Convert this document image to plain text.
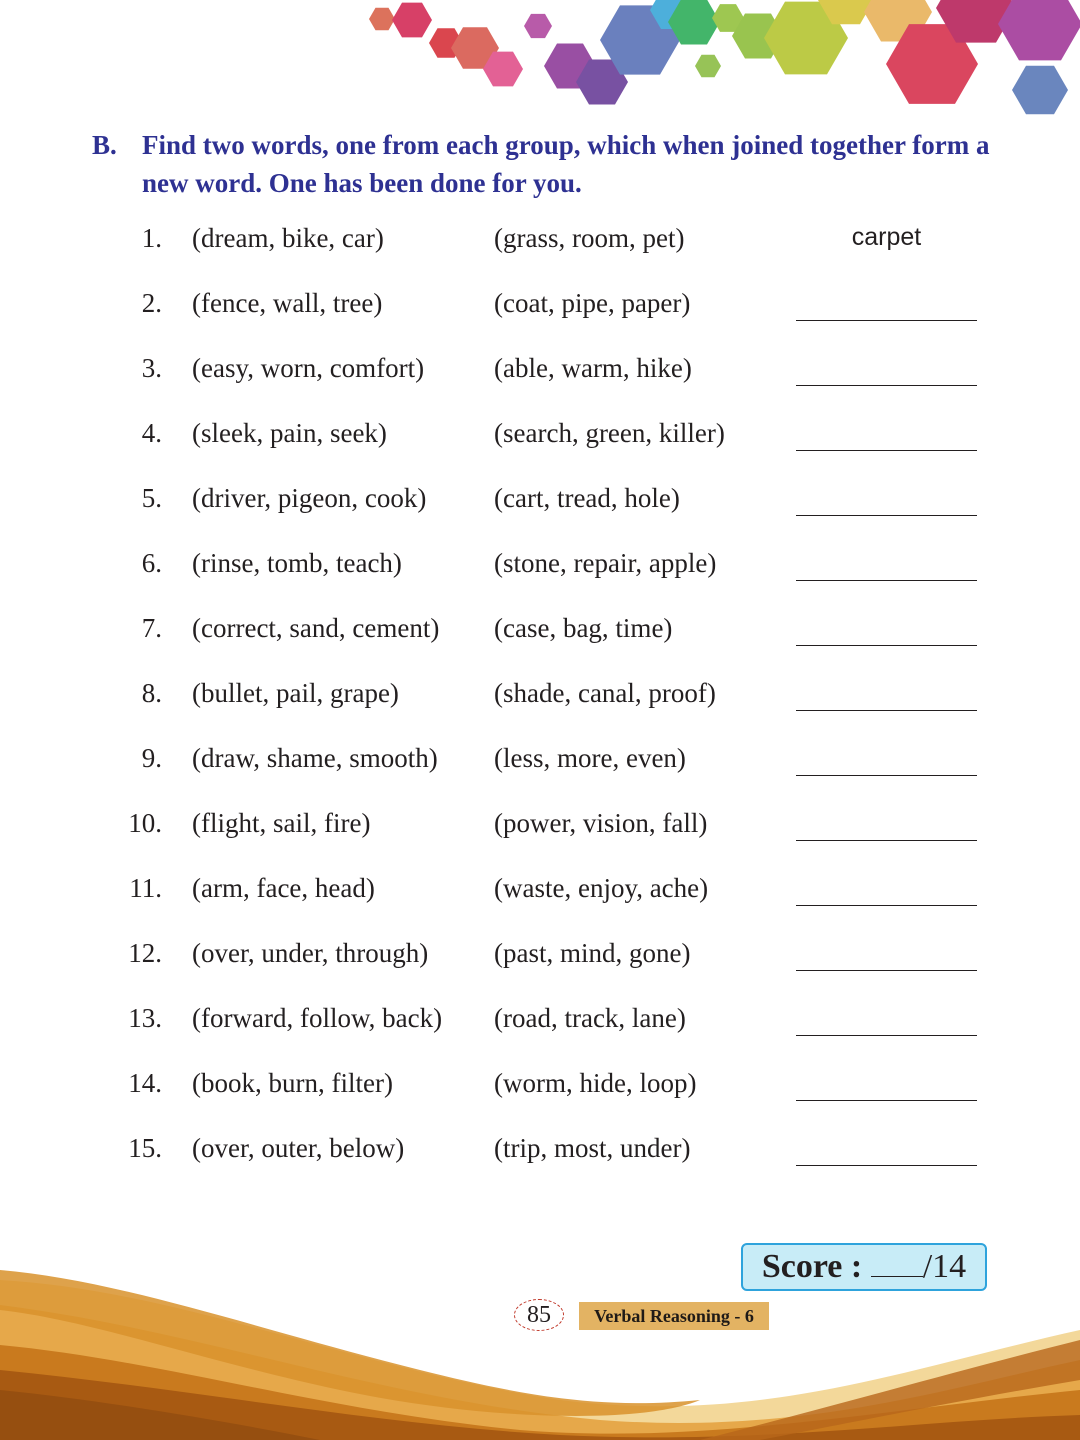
B. Find two words, one from each group, which when joined together form a new word. One has been done for you.
1. (dream, bike, car)	(grass, room, pet)	carpet
2. (fence, wall, tree)	(coat, pipe, paper)
3. (easy, worn, comfort)	(able, warm, hike)
4. (sleek, pain, seek)	(search, green, killer)
5. (driver, pigeon, cook)	(cart, tread, hole)
6. (rinse, tomb, teach)	(stone, repair, apple)
7. (correct, sand, cement) (case, bag, time)
8. (bullet, pail, grape)	(shade, canal, proof)
9. (draw, shame, smooth) (less, more, even)
10. (flight, sail, fire)	(power, vision, fall)
11. (arm, face, head)	(waste, enjoy, ache)
12. (over, under, through) (past, mind, gone)
13. (forward, follow, back) (road, track, lane)
14. (book, burn, filter)	(worm, hide, loop)
15. (over, outer, below)	(trip, most, under)
Score : /14
85	Verbal Reasoning - 6
